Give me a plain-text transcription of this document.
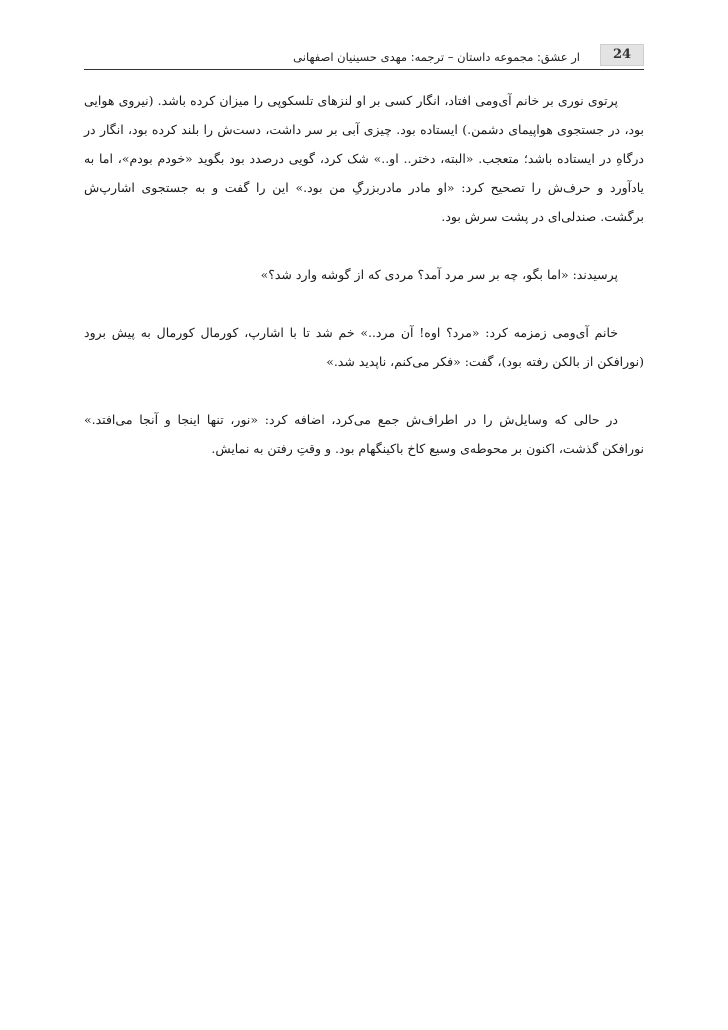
24
ار عشق: مجموعه داستان – ترجمه: مهدی حسینیان اصفهانی

پرتوی نوری بر خانم آی‌ومی افتاد، انگار کسی بر او لنزهای تلسکوپی را میزان کرده باشد. (نیروی هوایی بود، در جستجوی هواپیمای دشمن.) ایستاده بود. چیزی آبی بر سر داشت، دست‌ش را بلند کرده بود، انگار در درگاهِ در ایستاده باشد؛ متعجب. «البته، دختر.. او..» شک کرد، گویی درصدد بود بگوید «خودم بودم»، اما به یادآورد و حرف‌ش را تصحیح کرد: «او مادر مادربزرگِ من بود.» این را گفت و به جستجوی اشارپ‌ش برگشت. صندلی‌ای در پشت سرش بود.

پرسیدند: «اما بگو، چه بر سر مرد آمد؟ مردی که از گوشه وارد شد؟»

خانم آی‌ومی زمزمه کرد: «مرد؟ اوه! آن مرد..» خم شد تا با اشارپ، کورمال کورمال به پیش برود (نورافکن از بالکن رفته بود)، گفت: «فکر می‌کنم، ناپدید شد.»

در حالی که وسایل‌ش را در اطراف‌ش جمع می‌کرد، اضافه کرد: «نور، تنها اینجا و آنجا می‌افتد.» نورافکن گذشت، اکنون بر محوطه‌ی وسیع کاخ باکینگهام بود. و وقتِ رفتن به نمایش.
